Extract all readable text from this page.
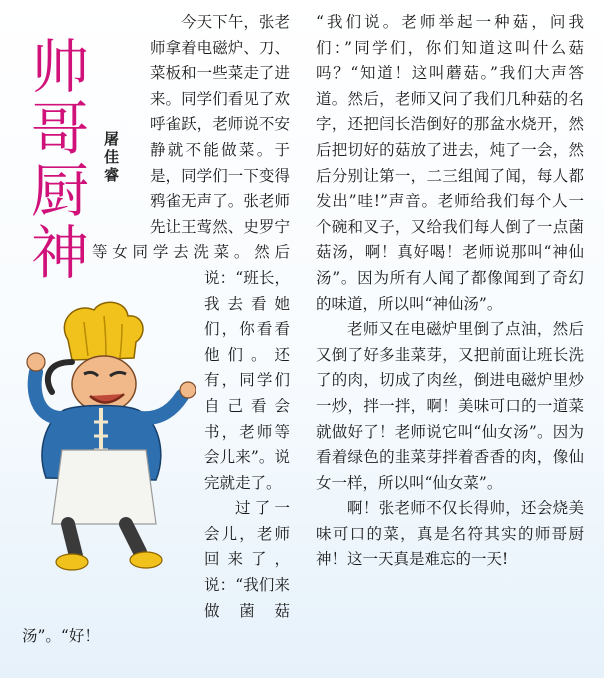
帅
哥
厨
神
屠
佳
睿

今天下午，张老师拿着电磁炉、刀、菜板和一些菜走了进来。同学们看见了欢呼雀跃，老师说不安静就不能做菜。于是，同学们一下变得鸦雀无声了。张老师先让王莺然、史罗宁等女同学去洗菜。然后说：“班长，我去看她们，你看看他们。还有，同学们自己看会书，老师等会儿来”。说完就走了。

过了一会儿，老师回来了，说：“我们来做菌菇汤”。“好！

“我们说。老师举起一种菇，问我们：”同学们，你们知道这叫什么菇吗？“知道！这叫蘑菇。”我们大声答道。然后，老师又问了我们几种菇的名字，还把闫长浩倒好的那盆水烧开，然后把切好的菇放了进去，炖了一会，然后分别让第一，二三组闻了闻，每人都发出”哇!”声音。老师给我们每个人一个碗和叉子，又给我们每人倒了一点菌菇汤，啊！真好喝！老师说那叫“神仙汤”。因为所有人闻了都像闻到了奇幻的味道，所以叫“神仙汤”。

老师又在电磁炉里倒了点油，然后又倒了好多韭菜芽，又把前面让班长洗了的肉，切成了肉丝，倒进电磁炉里炒一炒，拌一拌，啊！美味可口的一道菜就做好了！老师说它叫“仙女汤”。因为看着绿色的韭菜芽拌着香香的肉，像仙女一样，所以叫“仙女菜”。

啊！张老师不仅长得帅，还会烧美味可口的菜，真是名符其实的师哥厨神！这一天真是难忘的一天!
